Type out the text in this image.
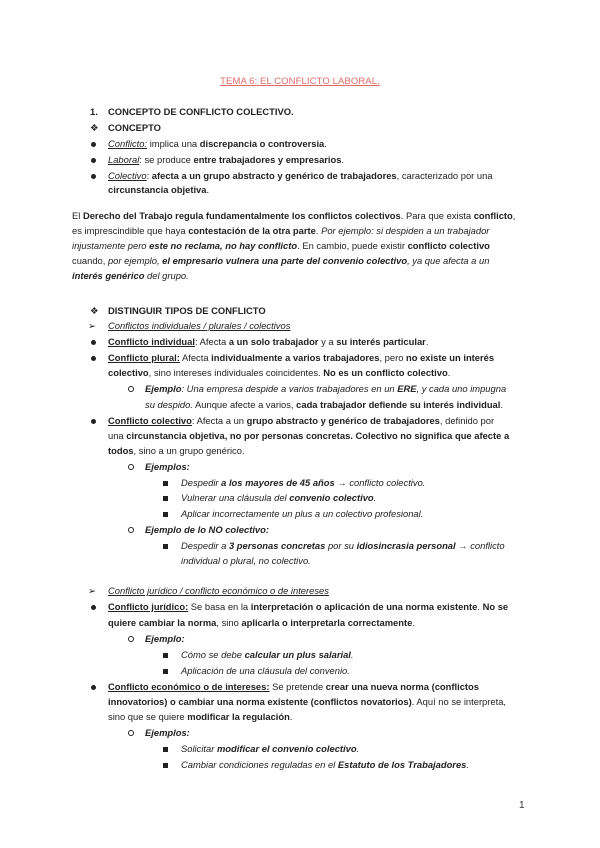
TEMA 6: EL CONFLICTO LABORAL.
1. CONCEPTO DE CONFLICTO COLECTIVO.
❖ CONCEPTO
Conflicto: implica una discrepancia o controversia.
Laboral: se produce entre trabajadores y empresarios.
Colectivo: afecta a un grupo abstracto y genérico de trabajadores, caracterizado por una
circunstancia objetiva.
El Derecho del Trabajo regula fundamentalmente los conflictos colectivos. Para que exista conflicto,
es imprescindible que haya contestación de la otra parte. Por ejemplo: si despiden a un trabajador
injustamente pero este no reclama, no hay conflicto. En cambio, puede existir conflicto colectivo
cuando, por ejemplo, el empresario vulnera una parte del convenio colectivo, ya que afecta a un
interés genérico del grupo.
❖ DISTINGUIR TIPOS DE CONFLICTO
➢ Conflictos individuales / plurales / colectivos
Conflicto individual: Afecta a un solo trabajador y a su interés particular.
Conflicto plural: Afecta individualmente a varios trabajadores, pero no existe un interés
colectivo, sino intereses individuales coincidentes. No es un conflicto colectivo.
Ejemplo: Una empresa despide a varios trabajadores en un ERE, y cada uno impugna
su despido. Aunque afecte a varios, cada trabajador defiende su interés individual.
Conflicto colectivo: Afecta a un grupo abstracto y genérico de trabajadores, definido por
una circunstancia objetiva, no por personas concretas. Colectivo no significa que afecte a
todos, sino a un grupo genérico.
Ejemplos:
Despedir a los mayores de 45 años → conflicto colectivo.
Vulnerar una cláusula del convenio colectivo.
Aplicar incorrectamente un plus a un colectivo profesional.
Ejemplo de lo NO colectivo:
Despedir a 3 personas concretas por su idiosincrasia personal → conflicto
individual o plural, no colectivo.
➢ Conflicto jurídico / conflicto económico o de intereses
Conflicto jurídico: Se basa en la interpretación o aplicación de una norma existente. No se
quiere cambiar la norma, sino aplicarla o interpretarla correctamente.
Ejemplo:
Cómo se debe calcular un plus salarial.
Aplicación de una cláusula del convenio.
Conflicto económico o de intereses: Se pretende crear una nueva norma (conflictos
innovatorios) o cambiar una norma existente (conflictos novatorios). Aquí no se interpreta,
sino que se quiere modificar la regulación.
Ejemplos:
Solicitar modificar el convenio colectivo.
Cambiar condiciones reguladas en el Estatuto de los Trabajadores.
1
